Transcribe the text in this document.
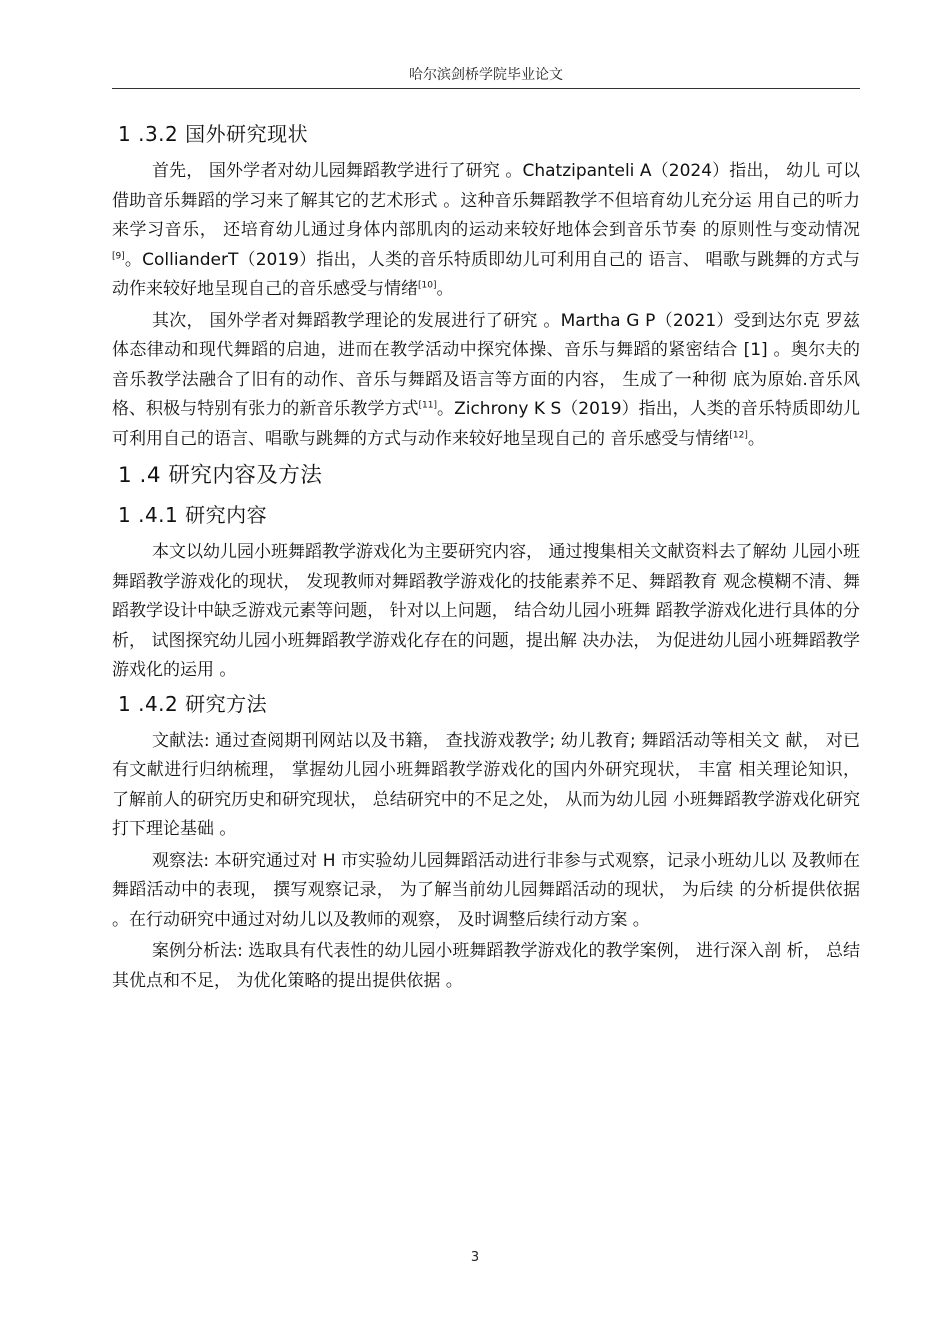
哈尔滨剑桥学院毕业论文
1 .3.2 国外研究现状

首先， 国外学者对幼儿园舞蹈教学进行了研究 。Chatzipanteli A（2024）指出， 幼儿 可以借助音乐舞蹈的学习来了解其它的艺术形式 。这种音乐舞蹈教学不但培育幼儿充分运 用自己的听力来学习音乐， 还培育幼儿通过身体内部肌肉的运动来较好地体会到音乐节奏 的原则性与变动情况[9]。CollianderT（2019）指出，人类的音乐特质即幼儿可利用自己的 语言、 唱歌与跳舞的方式与动作来较好地呈现自己的音乐感受与情绪[10]。

其次， 国外学者对舞蹈教学理论的发展进行了研究 。Martha G P（2021）受到达尔克 罗兹体态律动和现代舞蹈的启迪，进而在教学活动中探究体操、音乐与舞蹈的紧密结合 [1] 。奥尔夫的音乐教学法融合了旧有的动作、音乐与舞蹈及语言等方面的内容， 生成了一种彻 底为原始.音乐风格、积极与特别有张力的新音乐教学方式[11]。Zichrony K S（2019）指出，人类的音乐特质即幼儿可利用自己的语言、唱歌与跳舞的方式与动作来较好地呈现自己的 音乐感受与情绪[12]。

1 .4 研究内容及方法
1 .4.1 研究内容

本文以幼儿园小班舞蹈教学游戏化为主要研究内容， 通过搜集相关文献资料去了解幼 儿园小班舞蹈教学游戏化的现状， 发现教师对舞蹈教学游戏化的技能素养不足、舞蹈教育 观念模糊不清、舞蹈教学设计中缺乏游戏元素等问题， 针对以上问题， 结合幼儿园小班舞 蹈教学游戏化进行具体的分析， 试图探究幼儿园小班舞蹈教学游戏化存在的问题，提出解 决办法， 为促进幼儿园小班舞蹈教学游戏化的运用 。

1 .4.2 研究方法

文献法: 通过查阅期刊网站以及书籍， 查找游戏教学; 幼儿教育; 舞蹈活动等相关文 献， 对已有文献进行归纳梳理， 掌握幼儿园小班舞蹈教学游戏化的国内外研究现状， 丰富 相关理论知识， 了解前人的研究历史和研究现状， 总结研究中的不足之处， 从而为幼儿园 小班舞蹈教学游戏化研究打下理论基础 。

观察法: 本研究通过对 H 市实验幼儿园舞蹈活动进行非参与式观察，记录小班幼儿以 及教师在舞蹈活动中的表现， 撰写观察记录， 为了解当前幼儿园舞蹈活动的现状， 为后续 的分析提供依据 。在行动研究中通过对幼儿以及教师的观察， 及时调整后续行动方案 。

案例分析法: 选取具有代表性的幼儿园小班舞蹈教学游戏化的教学案例， 进行深入剖 析， 总结其优点和不足， 为优化策略的提出提供依据 。

3
